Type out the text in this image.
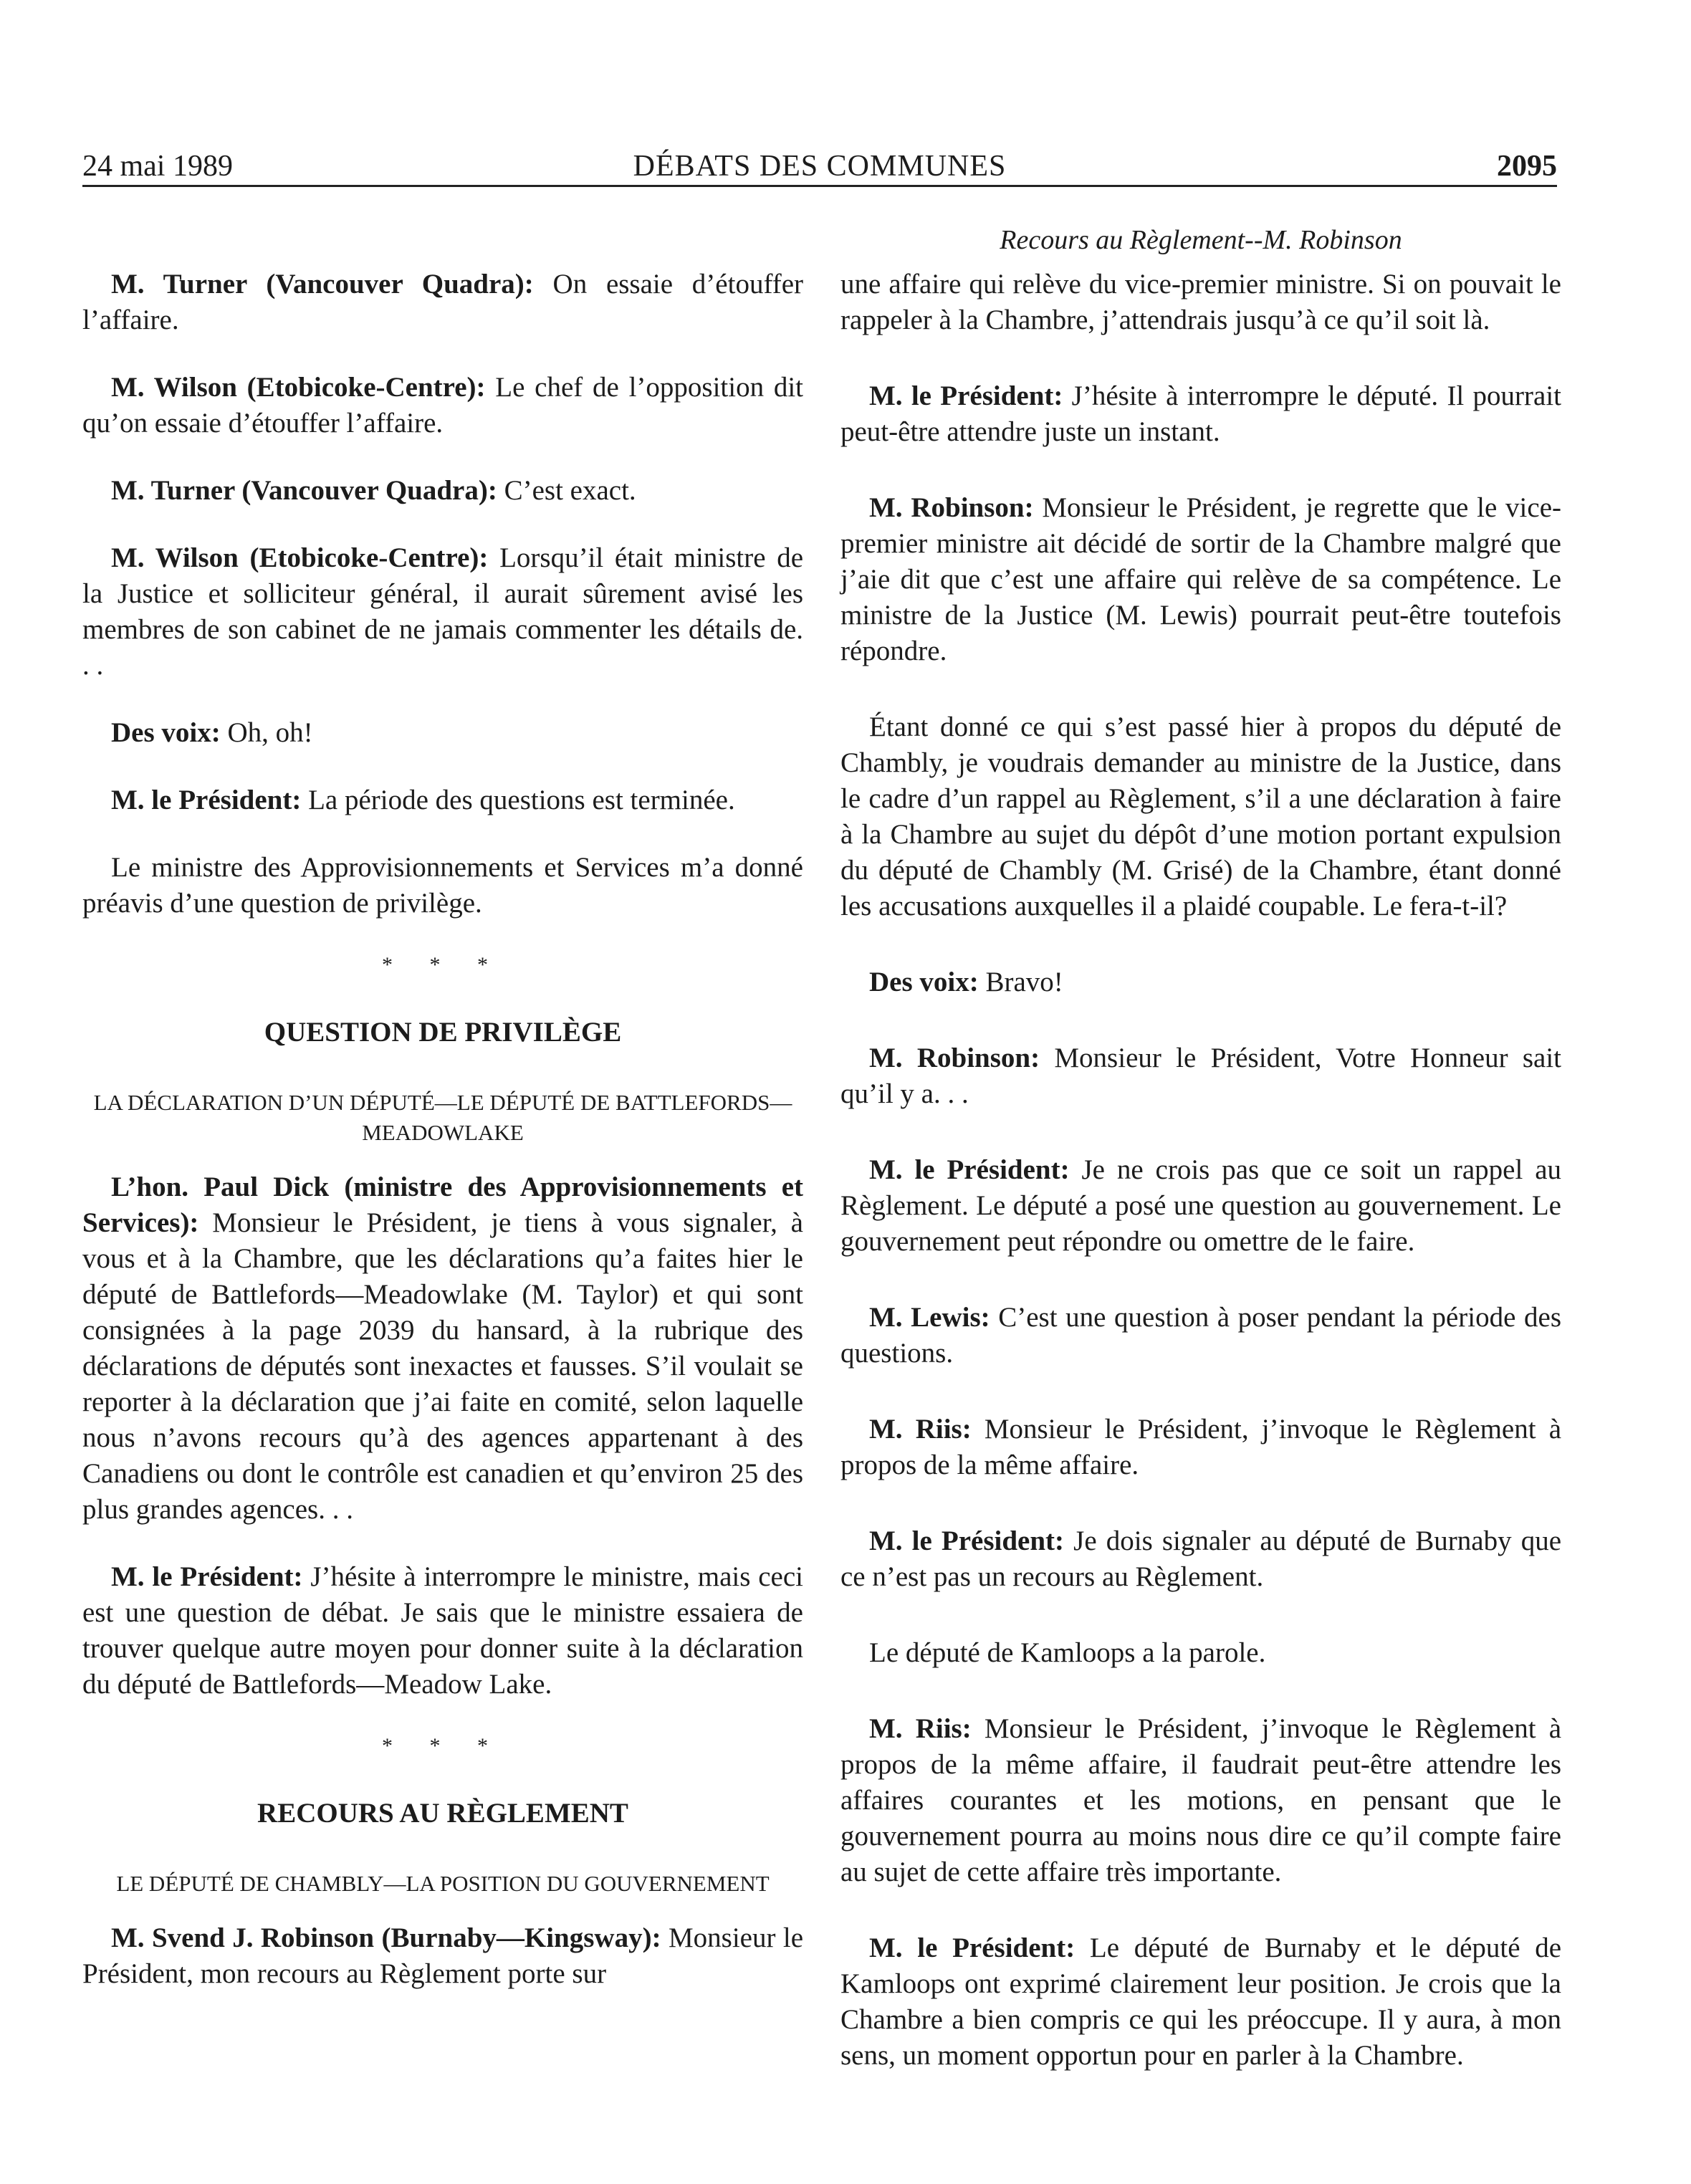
DÉBATS DES COMMUNES
24 mai 1989	2095
Recours au Règlement--M. Robinson

M. Turner (Vancouver Quadra): On essaie d’étouffer l’affaire.

M. Wilson (Etobicoke-Centre): Le chef de l’opposition dit qu’on essaie d’étouffer l’affaire.

M. Turner (Vancouver Quadra): C’est exact.

M. Wilson (Etobicoke-Centre): Lorsqu’il était ministre de la Justice et solliciteur général, il aurait sûrement avisé les membres de son cabinet de ne jamais commenter les détails de. . .

Des voix: Oh, oh!

M. le Président: La période des questions est terminée.

Le ministre des Approvisionnements et Services m’a donné préavis d’une question de privilège.

* * *
QUESTION DE PRIVILÈGE
LA DÉCLARATION D’UN DÉPUTÉ—LE DÉPUTÉ DE BATTLEFORDS—MEADOWLAKE

L’hon. Paul Dick (ministre des Approvisionnements et Services): Monsieur le Président, je tiens à vous signaler, à vous et à la Chambre, que les déclarations qu’a faites hier le député de Battlefords—Meadowlake (M. Taylor) et qui sont consignées à la page 2039 du hansard, à la rubrique des déclarations de députés sont inexactes et fausses. S’il voulait se reporter à la déclaration que j’ai faite en comité, selon laquelle nous n’avons recours qu’à des agences appartenant à des Canadiens ou dont le contrôle est canadien et qu’environ 25 des plus grandes agences. . .

M. le Président: J’hésite à interrompre le ministre, mais ceci est une question de débat. Je sais que le ministre essaiera de trouver quelque autre moyen pour donner suite à la déclaration du député de Battlefords—Meadow Lake.

* * *
RECOURS AU RÈGLEMENT
LE DÉPUTÉ DE CHAMBLY—LA POSITION DU GOUVERNEMENT

M. Svend J. Robinson (Burnaby—Kingsway): Monsieur le Président, mon recours au Règlement porte sur

une affaire qui relève du vice-premier ministre. Si on pouvait le rappeler à la Chambre, j’attendrais jusqu’à ce qu’il soit là.

M. le Président: J’hésite à interrompre le député. Il pourrait peut-être attendre juste un instant.

M. Robinson: Monsieur le Président, je regrette que le vice-premier ministre ait décidé de sortir de la Chambre malgré que j’aie dit que c’est une affaire qui relève de sa compétence. Le ministre de la Justice (M. Lewis) pourrait peut-être toutefois répondre.

Étant donné ce qui s’est passé hier à propos du député de Chambly, je voudrais demander au ministre de la Justice, dans le cadre d’un rappel au Règlement, s’il a une déclaration à faire à la Chambre au sujet du dépôt d’une motion portant expulsion du député de Chambly (M. Grisé) de la Chambre, étant donné les accusations auxquelles il a plaidé coupable. Le fera-t-il?

Des voix: Bravo!

M. Robinson: Monsieur le Président, Votre Honneur sait qu’il y a. . .

M. le Président: Je ne crois pas que ce soit un rappel au Règlement. Le député a posé une question au gouvernement. Le gouvernement peut répondre ou omettre de le faire.

M. Lewis: C’est une question à poser pendant la période des questions.

M. Riis: Monsieur le Président, j’invoque le Règlement à propos de la même affaire.

M. le Président: Je dois signaler au député de Burnaby que ce n’est pas un recours au Règlement.

Le député de Kamloops a la parole.

M. Riis: Monsieur le Président, j’invoque le Règlement à propos de la même affaire, il faudrait peut-être attendre les affaires courantes et les motions, en pensant que le gouvernement pourra au moins nous dire ce qu’il compte faire au sujet de cette affaire très importante.

M. le Président: Le député de Burnaby et le député de Kamloops ont exprimé clairement leur position. Je crois que la Chambre a bien compris ce qui les préoccupe. Il y aura, à mon sens, un moment opportun pour en parler à la Chambre.
